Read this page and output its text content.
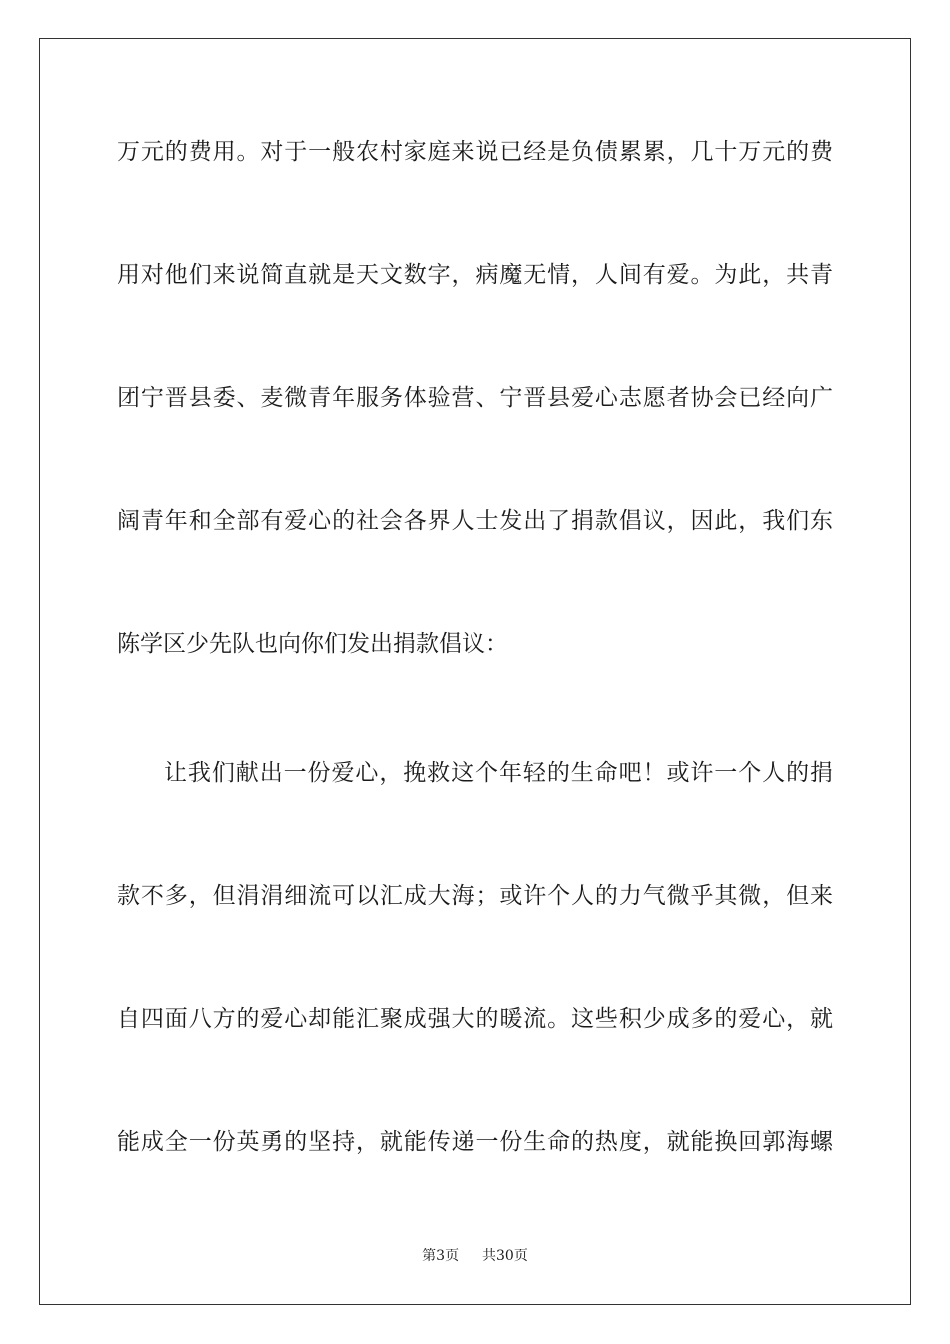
万元的费用。对于一般农村家庭来说已经是负债累累，几十万元的费
用对他们来说简直就是天文数字，病魔无情，人间有爱。为此，共青
团宁晋县委、麦微青年服务体验营、宁晋县爱心志愿者协会已经向广
阔青年和全部有爱心的社会各界人士发出了捐款倡议，因此，我们东
陈学区少先队也向你们发出捐款倡议：
让我们献出一份爱心，挽救这个年轻的生命吧！或许一个人的捐
款不多，但涓涓细流可以汇成大海；或许个人的力气微乎其微，但来
自四面八方的爱心却能汇聚成强大的暖流。这些积少成多的爱心，就
能成全一份英勇的坚持，就能传递一份生命的热度，就能换回郭海螺
第3页 共30页
